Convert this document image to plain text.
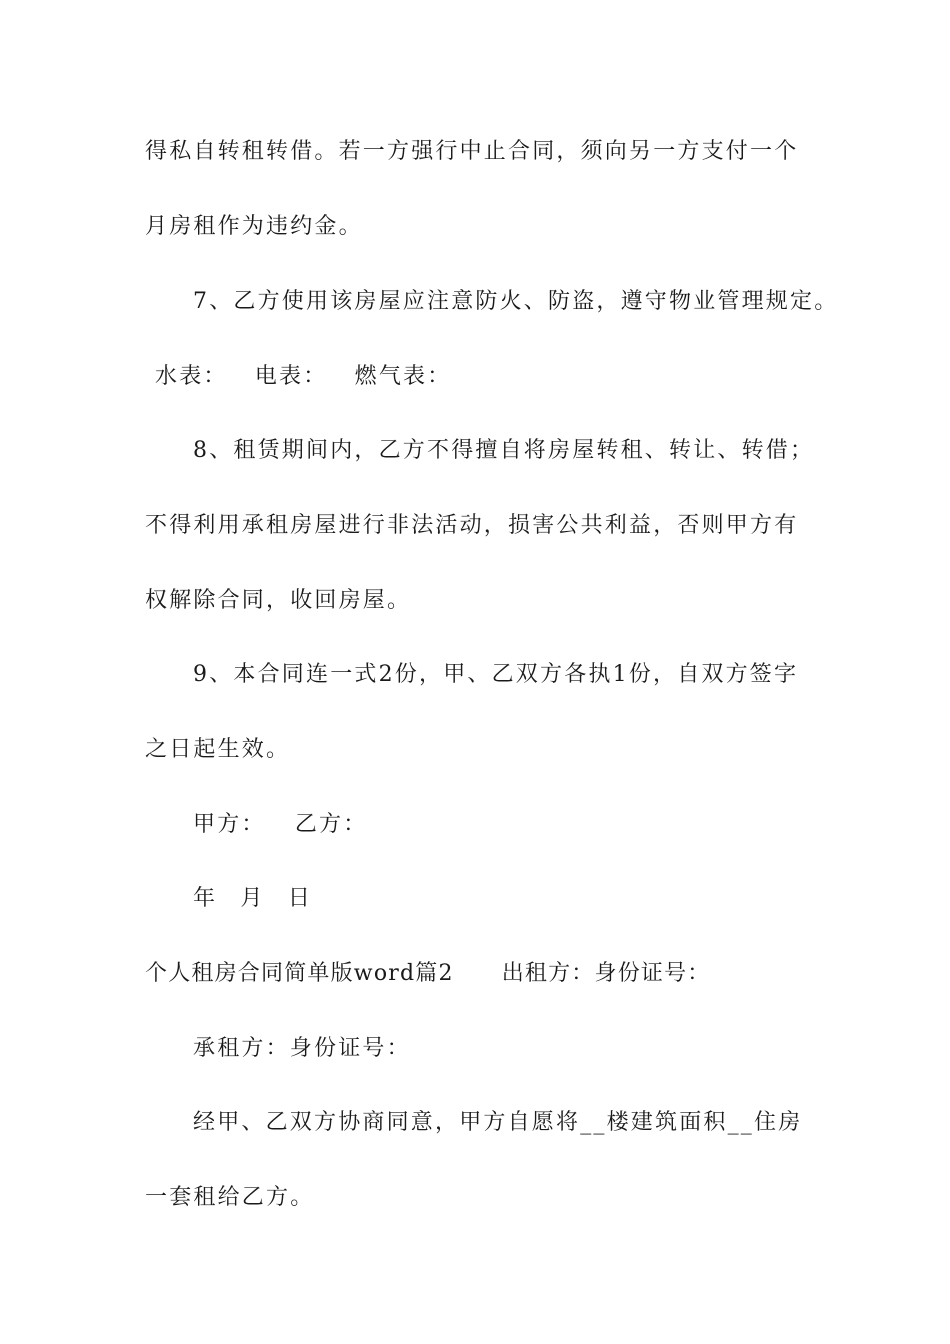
得私自转租转借。若一方强行中止合同，须向另一方支付一个
月房租作为违约金。
7、乙方使用该房屋应注意防火、防盗，遵守物业管理规定。
水表： 电表： 燃气表：
8、租赁期间内，乙方不得擅自将房屋转租、转让、转借；
不得利用承租房屋进行非法活动，损害公共利益，否则甲方有
权解除合同，收回房屋。
9、本合同连一式2份，甲、乙双方各执1份，自双方签字
之日起生效。
甲方： 乙方：
年 月 日
个人租房合同简单版word篇2 出租方：身份证号：
承租方：身份证号：
经甲、乙双方协商同意，甲方自愿将__楼建筑面积__住房
一套租给乙方。
